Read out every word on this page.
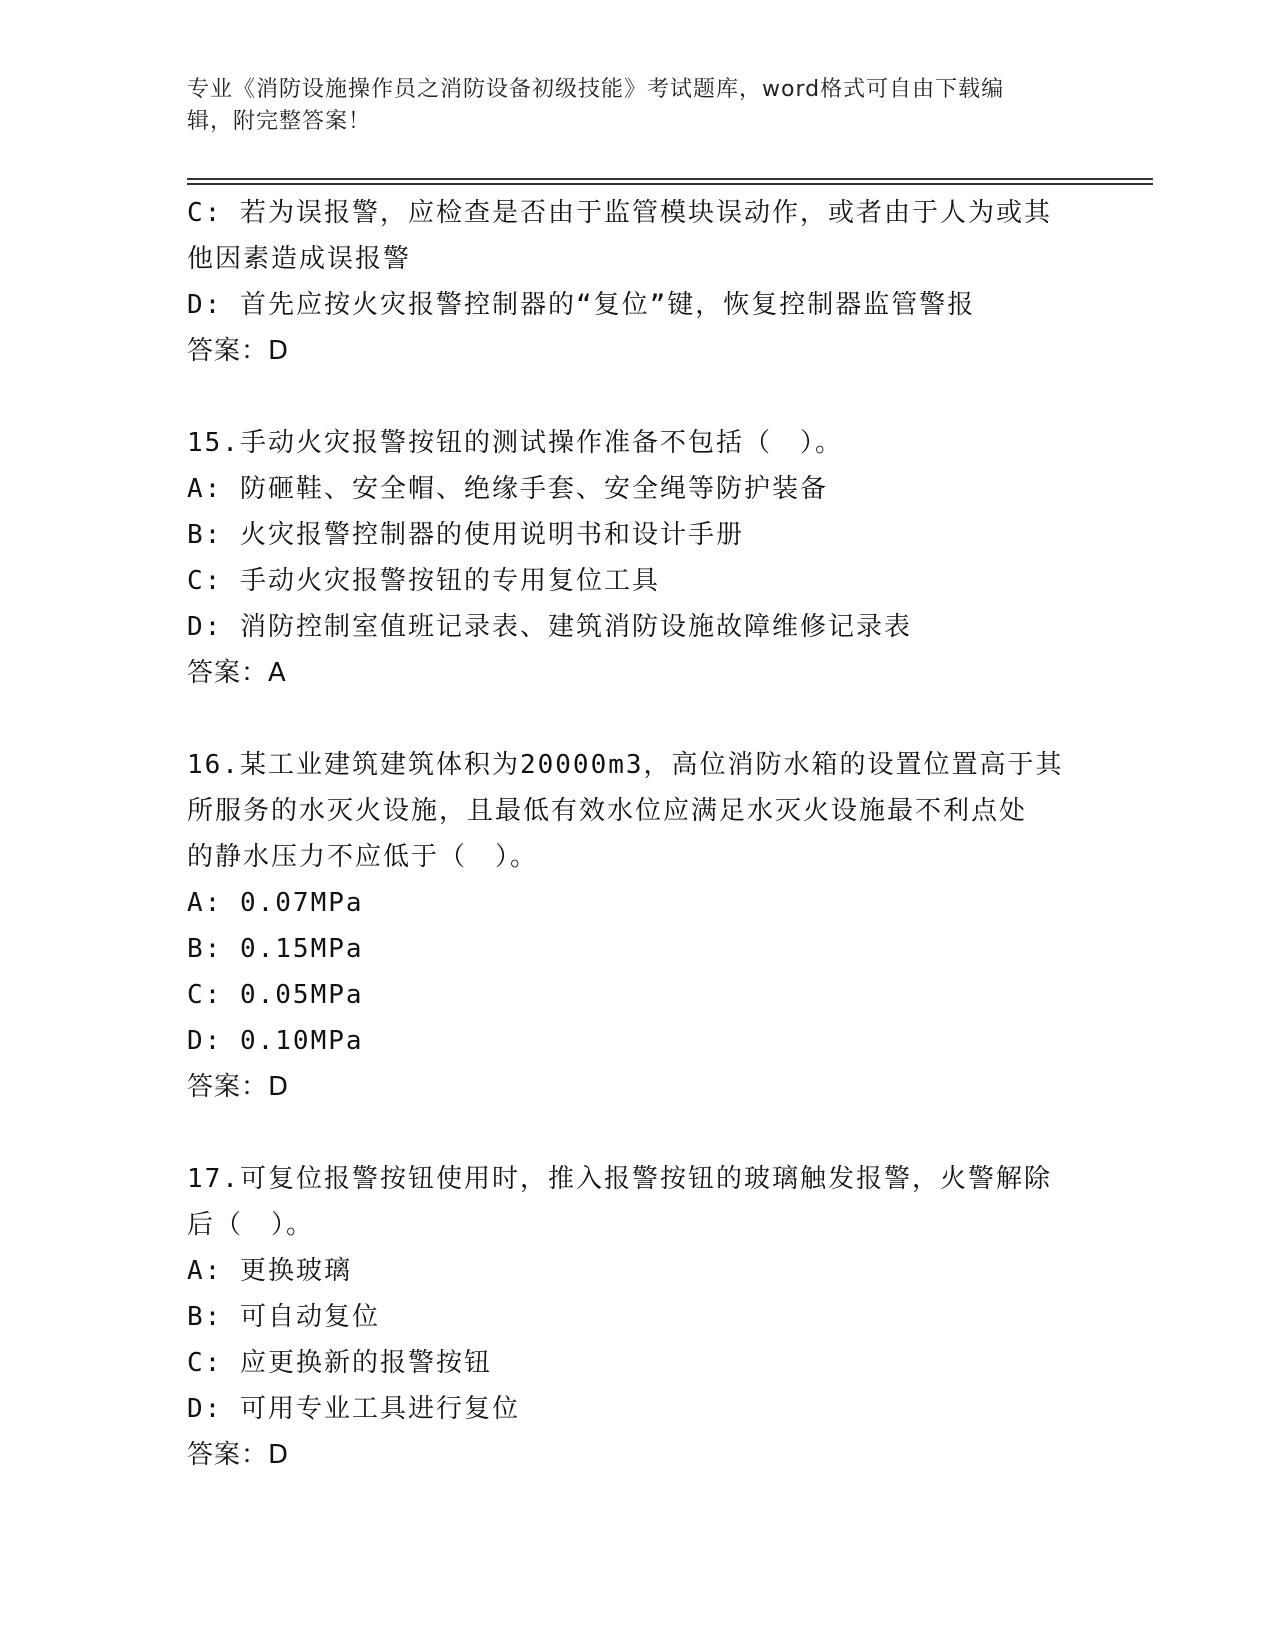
专业《消防设施操作员之消防设备初级技能》考试题库，word格式可自由下载编
辑，附完整答案！
C: 若为误报警，应检查是否由于监管模块误动作，或者由于人为或其
他因素造成误报警
D: 首先应按火灾报警控制器的“复位”键，恢复控制器监管警报
答案：D
15.手动火灾报警按钮的测试操作准备不包括（　）。
A: 防砸鞋、安全帽、绝缘手套、安全绳等防护装备
B: 火灾报警控制器的使用说明书和设计手册
C: 手动火灾报警按钮的专用复位工具
D: 消防控制室值班记录表、建筑消防设施故障维修记录表
答案：A
16.某工业建筑建筑体积为20000m3，高位消防水箱的设置位置高于其
所服务的水灭火设施，且最低有效水位应满足水灭火设施最不利点处
的静水压力不应低于（　）。
A: 0.07MPa
B: 0.15MPa
C: 0.05MPa
D: 0.10MPa
答案：D
17.可复位报警按钮使用时，推入报警按钮的玻璃触发报警，火警解除
后（　）。
A: 更换玻璃
B: 可自动复位
C: 应更换新的报警按钮
D: 可用专业工具进行复位
答案：D
